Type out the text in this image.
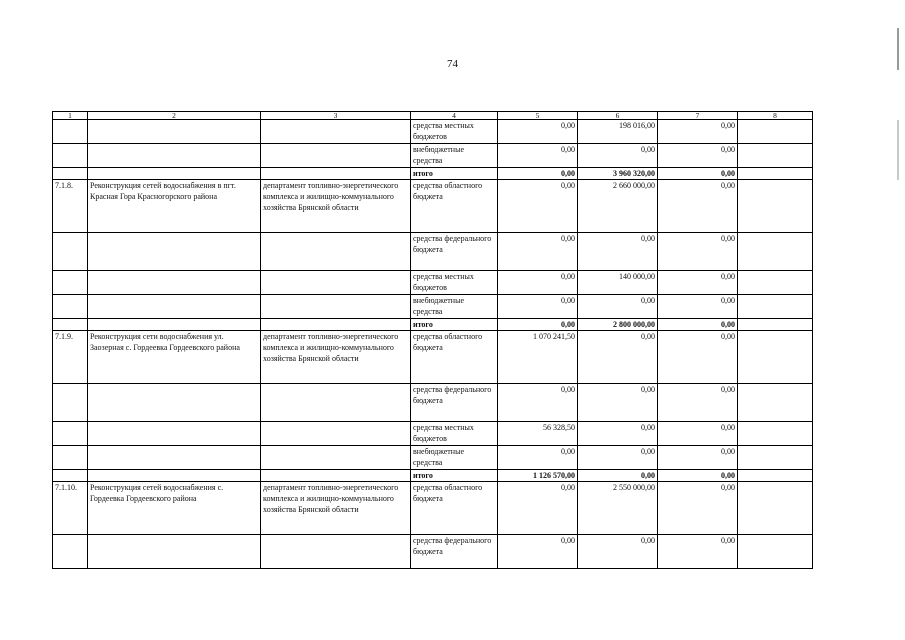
74
1	2	3	4	5	6	7	8
			средства местных бюджетов	0,00	198 016,00	0,00	
			внебюджетные средства	0,00	0,00	0,00	
			итого	0,00	3 960 320,00	0,00	
7.1.8.	Реконструкция сетей водоснабжения в пгт. Красная Гора Красногорского района	департамент топливно-энергетического комплекса и жилищно-коммунального хозяйства Брянской области	средства областного бюджета	0,00	2 660 000,00	0,00	
			средства федерального бюджета	0,00	0,00	0,00	
			средства местных бюджетов	0,00	140 000,00	0,00	
			внебюджетные средства	0,00	0,00	0,00	
			итого	0,00	2 800 000,00	0,00	
7.1.9.	Реконструкция сети водоснабжения ул. Заозерная с. Гордеевка Гордеевского района	департамент топливно-энергетического комплекса и жилищно-коммунального хозяйства Брянской области	средства областного бюджета	1 070 241,50	0,00	0,00	
			средства федерального бюджета	0,00	0,00	0,00	
			средства местных бюджетов	56 328,50	0,00	0,00	
			внебюджетные средства	0,00	0,00	0,00	
			итого	1 126 570,00	0,00	0,00	
7.1.10.	Реконструкция сетей водоснабжения с. Гордеевка Гордеевского района	департамент топливно-энергетического комплекса и жилищно-коммунального хозяйства Брянской области	средства областного бюджета	0,00	2 550 000,00	0,00	
			средства федерального бюджета	0,00	0,00	0,00	
